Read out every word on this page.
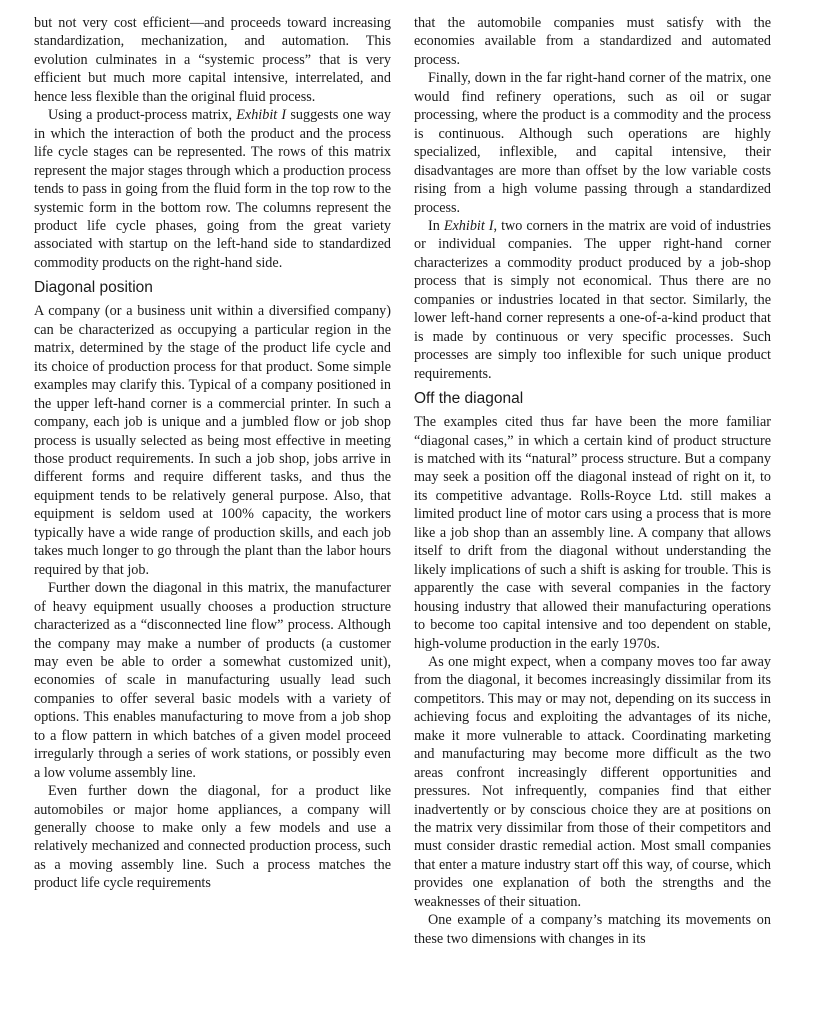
but not very cost efficient—and proceeds toward increasing standardization, mechanization, and automation. This evolution culminates in a “systemic process” that is very efficient but much more capital intensive, interrelated, and hence less flexible than the original fluid process.

Using a product-process matrix, Exhibit I suggests one way in which the interaction of both the product and the process life cycle stages can be represented. The rows of this matrix represent the major stages through which a production process tends to pass in going from the fluid form in the top row to the systemic form in the bottom row. The columns represent the product life cycle phases, going from the great variety associated with startup on the left-hand side to standardized commodity products on the right-hand side.

Diagonal position

A company (or a business unit within a diversified company) can be characterized as occupying a particular region in the matrix, determined by the stage of the product life cycle and its choice of production process for that product. Some simple examples may clarify this. Typical of a company positioned in the upper left-hand corner is a commercial printer. In such a company, each job is unique and a jumbled flow or job shop process is usually selected as being most effective in meeting those product requirements. In such a job shop, jobs arrive in different forms and require different tasks, and thus the equipment tends to be relatively general purpose. Also, that equipment is seldom used at 100% capacity, the workers typically have a wide range of production skills, and each job takes much longer to go through the plant than the labor hours required by that job.

Further down the diagonal in this matrix, the manufacturer of heavy equipment usually chooses a production structure characterized as a “disconnected line flow” process. Although the company may make a number of products (a customer may even be able to order a somewhat customized unit), economies of scale in manufacturing usually lead such companies to offer several basic models with a variety of options. This enables manufacturing to move from a job shop to a flow pattern in which batches of a given model proceed irregularly through a series of work stations, or possibly even a low volume assembly line.

Even further down the diagonal, for a product like automobiles or major home appliances, a company will generally choose to make only a few models and use a relatively mechanized and connected production process, such as a moving assembly line. Such a process matches the product life cycle requirements

that the automobile companies must satisfy with the economies available from a standardized and automated process.

Finally, down in the far right-hand corner of the matrix, one would find refinery operations, such as oil or sugar processing, where the product is a commodity and the process is continuous. Although such operations are highly specialized, inflexible, and capital intensive, their disadvantages are more than offset by the low variable costs rising from a high volume passing through a standardized process.

In Exhibit I, two corners in the matrix are void of industries or individual companies. The upper right-hand corner characterizes a commodity product produced by a job-shop process that is simply not economical. Thus there are no companies or industries located in that sector. Similarly, the lower left-hand corner represents a one-of-a-kind product that is made by continuous or very specific processes. Such processes are simply too inflexible for such unique product requirements.

Off the diagonal

The examples cited thus far have been the more familiar “diagonal cases,” in which a certain kind of product structure is matched with its “natural” process structure. But a company may seek a position off the diagonal instead of right on it, to its competitive advantage. Rolls-Royce Ltd. still makes a limited product line of motor cars using a process that is more like a job shop than an assembly line. A company that allows itself to drift from the diagonal without understanding the likely implications of such a shift is asking for trouble. This is apparently the case with several companies in the factory housing industry that allowed their manufacturing operations to become too capital intensive and too dependent on stable, high-volume production in the early 1970s.

As one might expect, when a company moves too far away from the diagonal, it becomes increasingly dissimilar from its competitors. This may or may not, depending on its success in achieving focus and exploiting the advantages of its niche, make it more vulnerable to attack. Coordinating marketing and manufacturing may become more difficult as the two areas confront increasingly different opportunities and pressures. Not infrequently, companies find that either inadvertently or by conscious choice they are at positions on the matrix very dissimilar from those of their competitors and must consider drastic remedial action. Most small companies that enter a mature industry start off this way, of course, which provides one explanation of both the strengths and the weaknesses of their situation.

One example of a company’s matching its movements on these two dimensions with changes in its
